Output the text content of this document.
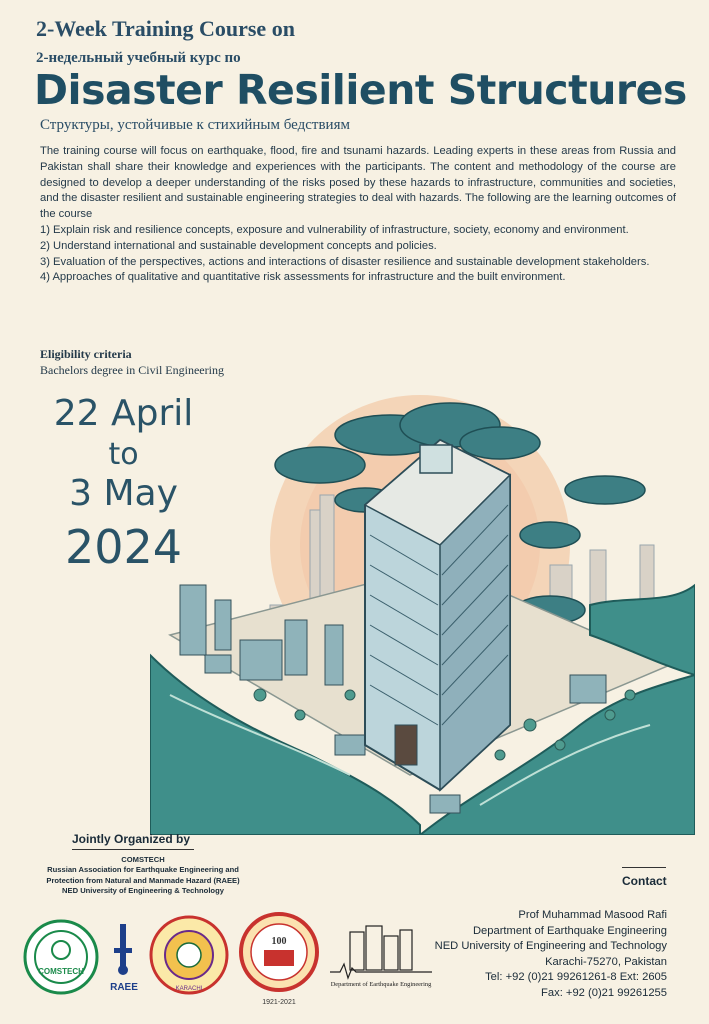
2-Week Training Course on
2-недельный учебный курс по
Disaster Resilient Structures
Структуры, устойчивые к стихийным бедствиям

The training course will focus on earthquake, flood, fire and tsunami hazards. Leading experts in these areas from Russia and Pakistan shall share their knowledge and experiences with the participants. The content and methodology of the course are designed to develop a deeper understanding of the risks posed by these hazards to infrastructure, communities and societies, and the disaster resilient and sustainable engineering strategies to deal with hazards. The following are the learning outcomes of the course

1) Explain risk and resilience concepts, exposure and vulnerability of infrastructure, society, economy and environment.
2) Understand international and sustainable development concepts and policies.
3) Evaluation of the perspectives, actions and interactions of disaster resilience and sustainable development stakeholders.
4) Approaches of qualitative and quantitative risk assessments for infrastructure and the built environment.
Eligibility criteria
Bachelors degree in Civil Engineering
22 April
to
3 May
2024
Jointly Organized by
COMSTECH
Russian Association for Earthquake Engineering and
Protection from Natural and Manmade Hazard (RAEE)
NED University of Engineering & Technology
Contact
Prof Muhammad Masood Rafi
Department of Earthquake Engineering
NED University of Engineering and Technology
Karachi-75270, Pakistan
Tel: +92 (0)21 99261261-8 Ext: 2605
Fax: +92 (0)21 99261255
COMSTECH
RAEE	KARACHI
100
1921-2021
Department of Earthquake Engineering
